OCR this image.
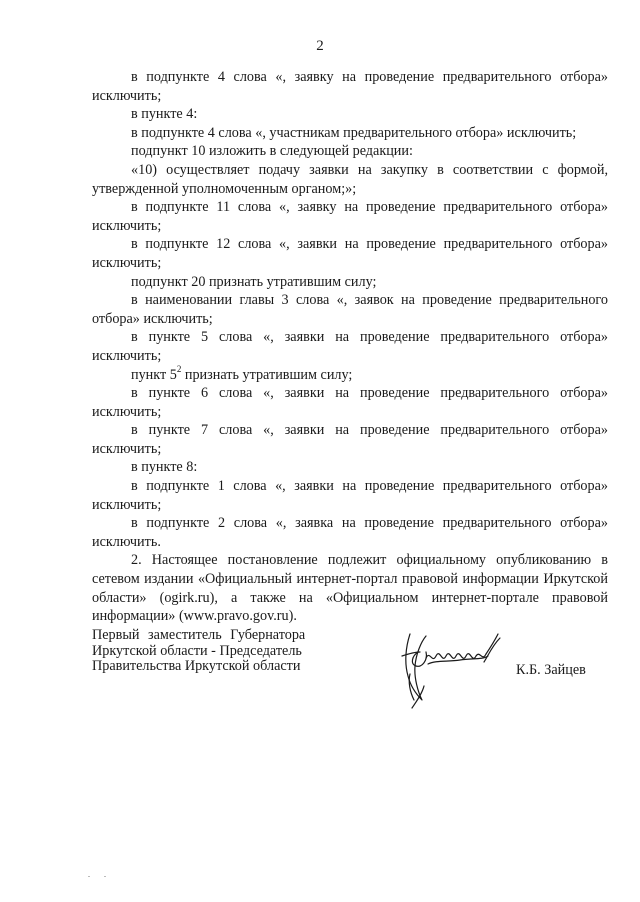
2

в подпункте 4 слова «, заявку на проведение предварительного отбора» исключить;

в пункте 4:

в подпункте 4 слова «, участникам предварительного отбора» исключить;

подпункт 10 изложить в следующей редакции:

«10) осуществляет подачу заявки на закупку в соответствии с формой, утвержденной уполномоченным органом;»;

в подпункте 11 слова «, заявку на проведение предварительного отбора» исключить;

в подпункте 12 слова «, заявки на проведение предварительного отбора» исключить;

подпункт 20 признать утратившим силу;

в наименовании главы 3 слова «, заявок на проведение предварительного отбора» исключить;

в пункте 5 слова «, заявки на проведение предварительного отбора» исключить;

пункт $5^2$ признать утратившим силу;

в пункте 6 слова «, заявки на проведение предварительного отбора» исключить;

в пункте 7 слова «, заявки на проведение предварительного отбора» исключить;

в пункте 8:

в подпункте 1 слова «, заявки на проведение предварительного отбора» исключить;

в подпункте 2 слова «, заявка на проведение предварительного отбора» исключить.

2. Настоящее постановление подлежит официальному опубликованию в сетевом издании «Официальный интернет-портал правовой информации Иркутской области» (ogirk.ru), а также на «Официальном интернет-портале правовой информации» (www.pravo.gov.ru).

Первый заместитель Губернатора
Иркутской области - Председатель
Правительства Иркутской области	К.Б. Зайцев
